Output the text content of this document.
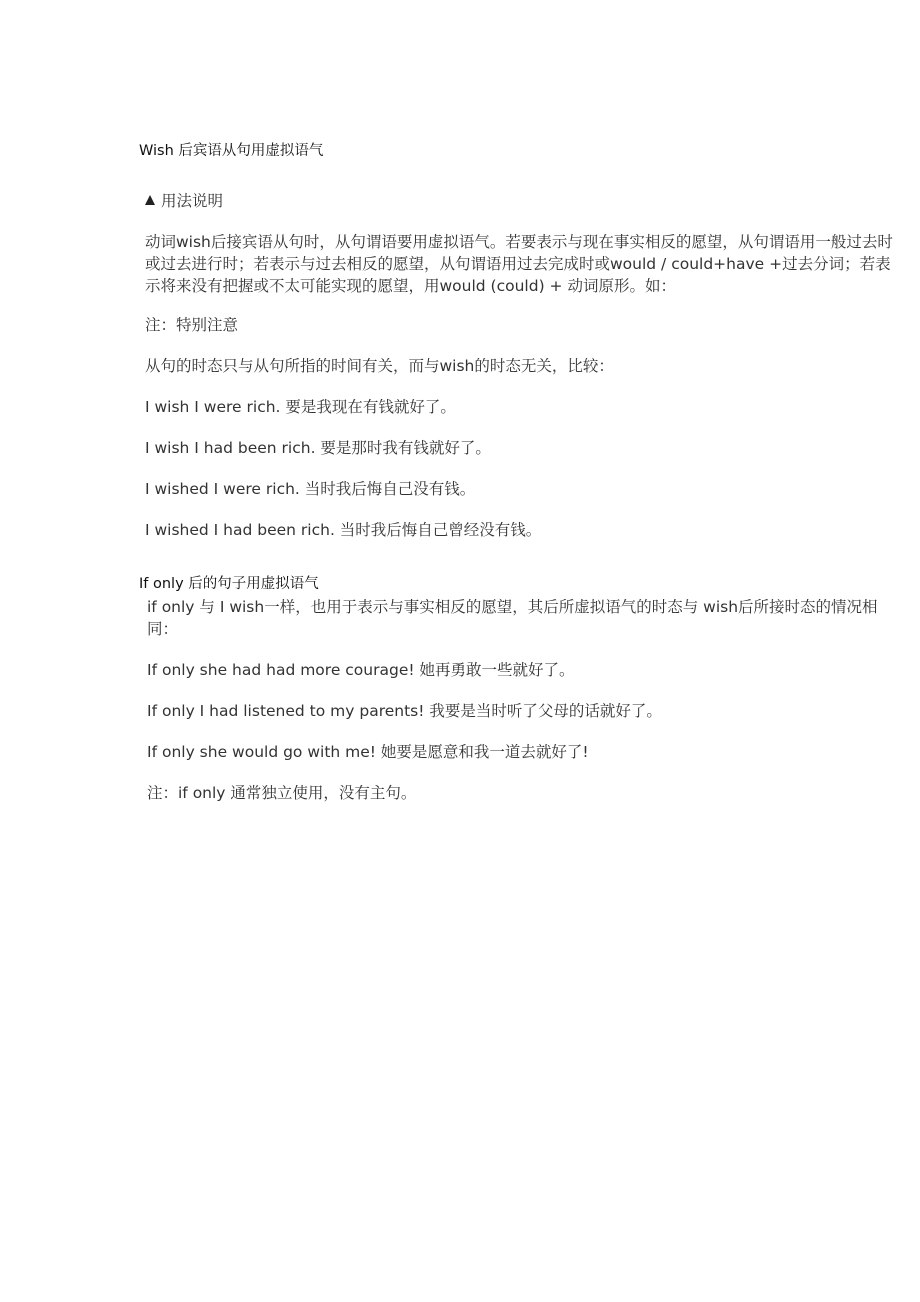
Wish 后宾语从句用虚拟语气

用法说明

动词wish后接宾语从句时，从句谓语要用虚拟语气。若要表示与现在事实相反的愿望，从句谓语用一般过去时或过去进行时；若表示与过去相反的愿望，从句谓语用过去完成时或would / could+have +过去分词；若表示将来没有把握或不太可能实现的愿望，用would (could) + 动词原形。如：

注：特别注意

从句的时态只与从句所指的时间有关，而与wish的时态无关，比较：

I wish I were rich. 要是我现在有钱就好了。

I wish I had been rich. 要是那时我有钱就好了。

I wished I were rich. 当时我后悔自己没有钱。

I wished I had been rich. 当时我后悔自己曾经没有钱。

If only 后的句子用虚拟语气

if only 与 I wish一样，也用于表示与事实相反的愿望，其后所虚拟语气的时态与 wish后所接时态的情况相同：

If only she had had more courage! 她再勇敢一些就好了。

If only I had listened to my parents! 我要是当时听了父母的话就好了。

If only she would go with me! 她要是愿意和我一道去就好了!

注：if only 通常独立使用，没有主句。
